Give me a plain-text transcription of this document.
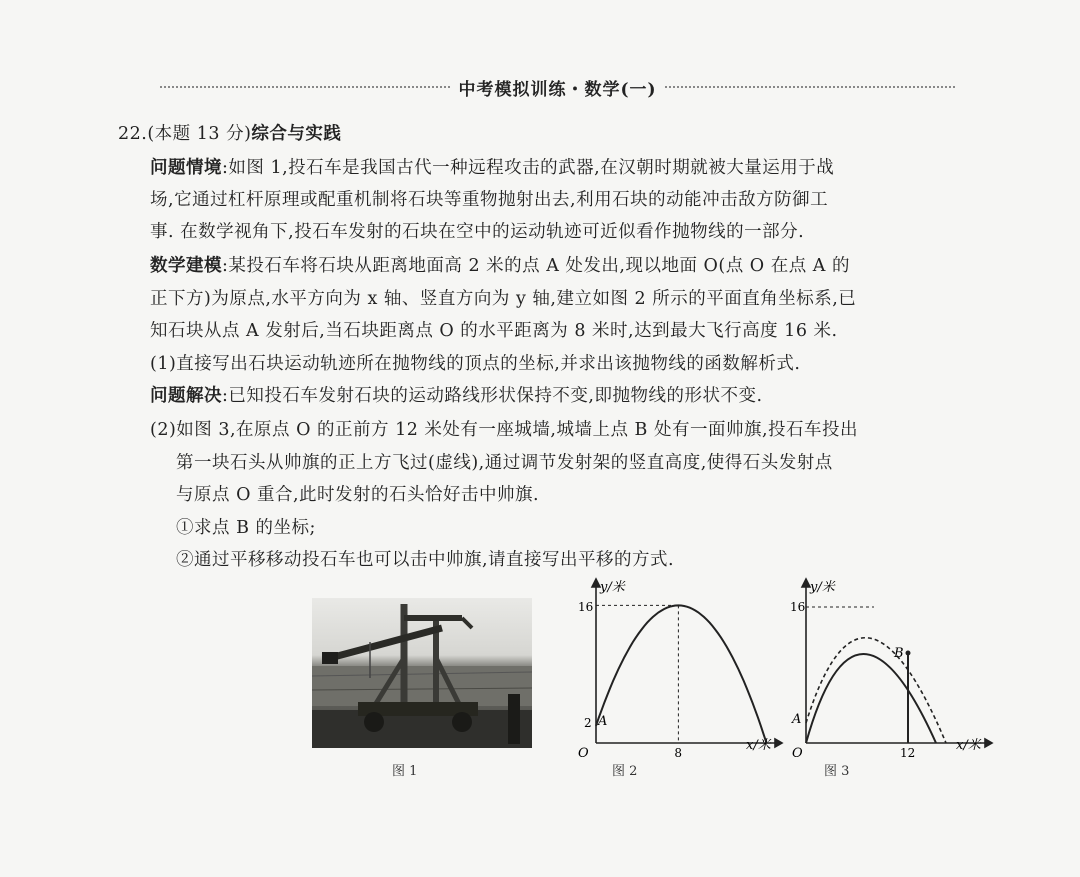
中考模拟训练・数学(一)
22.(本题 13 分)综合与实践
问题情境:如图 1,投石车是我国古代一种远程攻击的武器,在汉朝时期就被大量运用于战
场,它通过杠杆原理或配重机制将石块等重物抛射出去,利用石块的动能冲击敌方防御工
事. 在数学视角下,投石车发射的石块在空中的运动轨迹可近似看作抛物线的一部分.
数学建模:某投石车将石块从距离地面高 2 米的点 A 处发出,现以地面 O(点 O 在点 A 的
正下方)为原点,水平方向为 x 轴、竖直方向为 y 轴,建立如图 2 所示的平面直角坐标系,已
知石块从点 A 发射后,当石块距离点 O 的水平距离为 8 米时,达到最大飞行高度 16 米.
(1)直接写出石块运动轨迹所在抛物线的顶点的坐标,并求出该抛物线的函数解析式.
问题解决:已知投石车发射石块的运动路线形状保持不变,即抛物线的形状不变.
(2)如图 3,在原点 O 的正前方 12 米处有一座城墙,城墙上点 B 处有一面帅旗,投石车投出
第一块石头从帅旗的正上方飞过(虚线),通过调节发射架的竖直高度,使得石头发射点
与原点 O 重合,此时发射的石头恰好击中帅旗.
①求点 B 的坐标;
②通过平移移动投石车也可以击中帅旗,请直接写出平移的方式.
图 1
y/米
x/米
O
A
2
16
8
图 2
y/米
x/米
O
A
B
16
12
图 3
